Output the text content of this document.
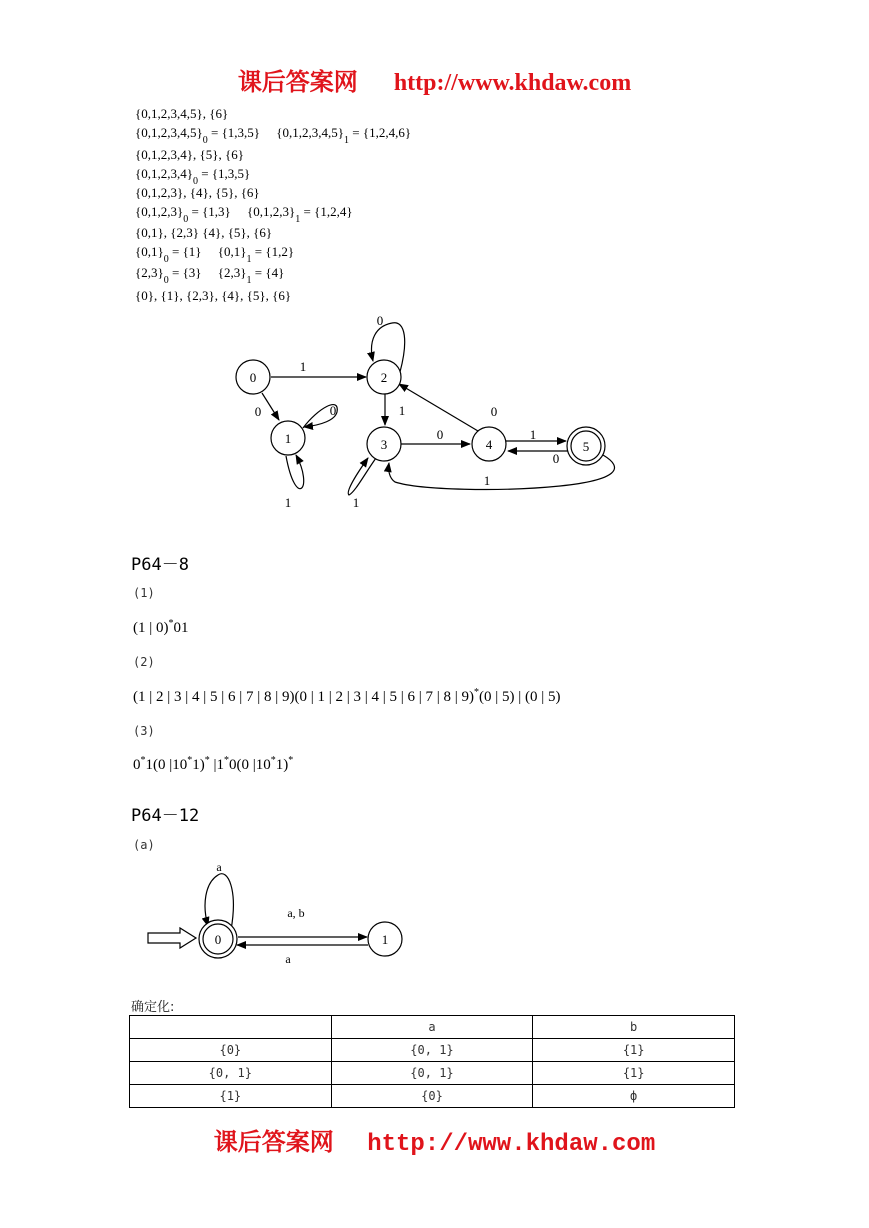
课后答案网 http://www.khdaw.com
{0,1,2,3,4,5}, {6}
$\{0,1,2,3,4,5\}_0 = \{1,3,5\}$     $\{0,1,2,3,4,5\}_1 = \{1,2,4,6\}$
{0,1,2,3,4}, {5}, {6}
$\{0,1,2,3,4\}_0 = \{1,3,5\}$
{0,1,2,3}, {4}, {5}, {6}
$\{0,1,2,3\}_0 = \{1,3\}$     $\{0,1,2,3\}_1 = \{1,2,4\}$
{0,1}, {2,3} {4}, {5}, {6}
$\{0,1\}_0 = \{1\}$     $\{0,1\}_1 = \{1,2\}$
$\{2,3\}_0 = \{3\}$     $\{2,3\}_1 = \{4\}$
{0}, {1}, {2,3}, {4}, {5}, {6}
0
1
2
3	4	5
1
0	0
1
0
1
1
0
0
1
0
1
P64－8
(1)
(1 | 0)*01
(2)
(1 | 2 | 3 | 4 | 5 | 6 | 7 | 8 | 9)(0 | 1 | 2 | 3 | 4 | 5 | 6 | 7 | 8 | 9)*(0 | 5) | (0 | 5)
(3)
0*1(0 |10*1)* |1*0(0 |10*1)*
P64－12
(a)
0	1
a
a, b
a
确定化:
	a	b
{0}	{0, 1}	{1}
{0, 1}	{0, 1}	{1}
{1}	{0}	ф
课后答案网 http://www.khdaw.com
